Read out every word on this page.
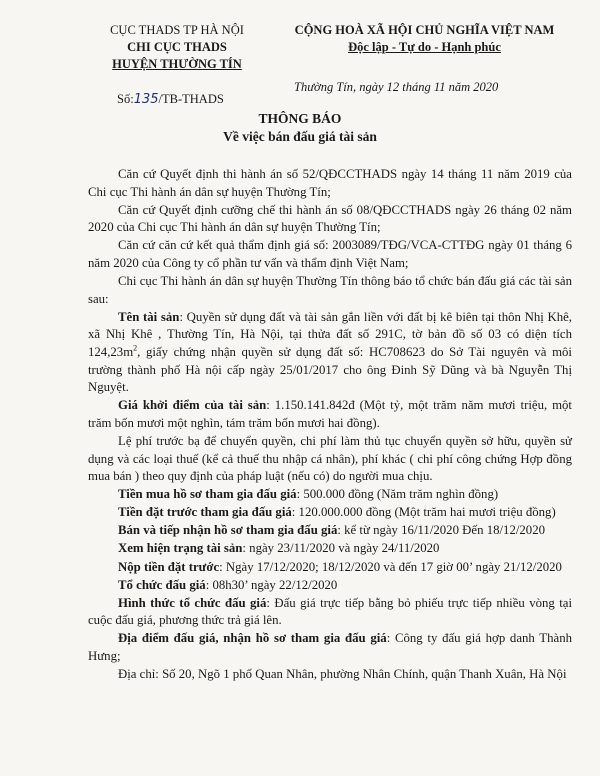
CỤC THADS TP HÀ NỘI
CHI CỤC THADS
HUYỆN THƯỜNG TÍN
CỘNG HOÀ XÃ HỘI CHỦ NGHĨA VIỆT NAM
Độc lập - Tự do - Hạnh phúc
Thường Tín, ngày 12 tháng 11 năm 2020
Số:135/TB-THADS
THÔNG BÁO
Về việc bán đấu giá tài sản

Căn cứ Quyết định thi hành án số 52/QĐCCTHADS ngày 14 tháng 11 năm 2019 của Chi cục Thi hành án dân sự huyện Thường Tín;

Căn cứ Quyết định cưỡng chế thi hành án số 08/QĐCCTHADS ngày 26 tháng 02 năm 2020 của Chi cục Thi hành án dân sự huyện Thường Tín;

Căn cứ căn cứ kết quả thẩm định giá số: 2003089/TĐG/VCA-CTTĐG ngày 01 tháng 6 năm 2020 của Công ty cổ phần tư vấn và thẩm định Việt Nam;

Chi cục Thi hành án dân sự huyện Thường Tín thông báo tổ chức bán đấu giá các tài sản sau:

Tên tài sản: Quyền sử dụng đất và tài sản gắn liền với đất bị kê biên tại thôn Nhị Khê, xã Nhị Khê , Thường Tín, Hà Nội, tại thửa đất số 291C, tờ bản đồ số 03 có diện tích $124,23m^2$, giấy chứng nhận quyền sử dụng đất số: HC708623 do Sở Tài nguyên và môi trường thành phố Hà nội cấp ngày 25/01/2017 cho ông Đinh Sỹ Dũng và bà Nguyễn Thị Nguyệt.

Giá khởi điểm của tài sản: 1.150.141.842đ (Một tỷ, một trăm năm mươi triệu, một trăm bốn mươi một nghìn, tám trăm bốn mươi hai đồng).

Lệ phí trước bạ để chuyển quyền, chi phí làm thủ tục chuyển quyền sở hữu, quyền sử dụng và các loại thuế (kể cả thuế thu nhập cá nhân), phí khác ( chi phí công chứng Hợp đồng mua bán ) theo quy định của pháp luật (nếu có) do người mua chịu.

Tiền mua hồ sơ tham gia đấu giá: 500.000 đồng (Năm trăm nghìn đồng)

Tiền đặt trước tham gia đấu giá: 120.000.000 đồng (Một trăm hai mươi triệu đồng)

Bán và tiếp nhận hồ sơ tham gia đấu giá: kể từ ngày 16/11/2020 Đến 18/12/2020

Xem hiện trạng tài sản: ngày 23/11/2020 và ngày 24/11/2020

Nộp tiền đặt trước: Ngày 17/12/2020; 18/12/2020 và đến 17 giờ 00’ ngày 21/12/2020

Tổ chức đấu giá: 08h30’ ngày 22/12/2020

Hình thức tổ chức đấu giá: Đấu giá trực tiếp bằng bỏ phiếu trực tiếp nhiều vòng tại cuộc đấu giá, phương thức trả giá lên.

Địa điểm đấu giá, nhận hồ sơ tham gia đấu giá: Công ty đấu giá hợp danh Thành Hưng;

Địa chỉ: Số 20, Ngõ 1 phố Quan Nhân, phường Nhân Chính, quận Thanh Xuân, Hà Nội
